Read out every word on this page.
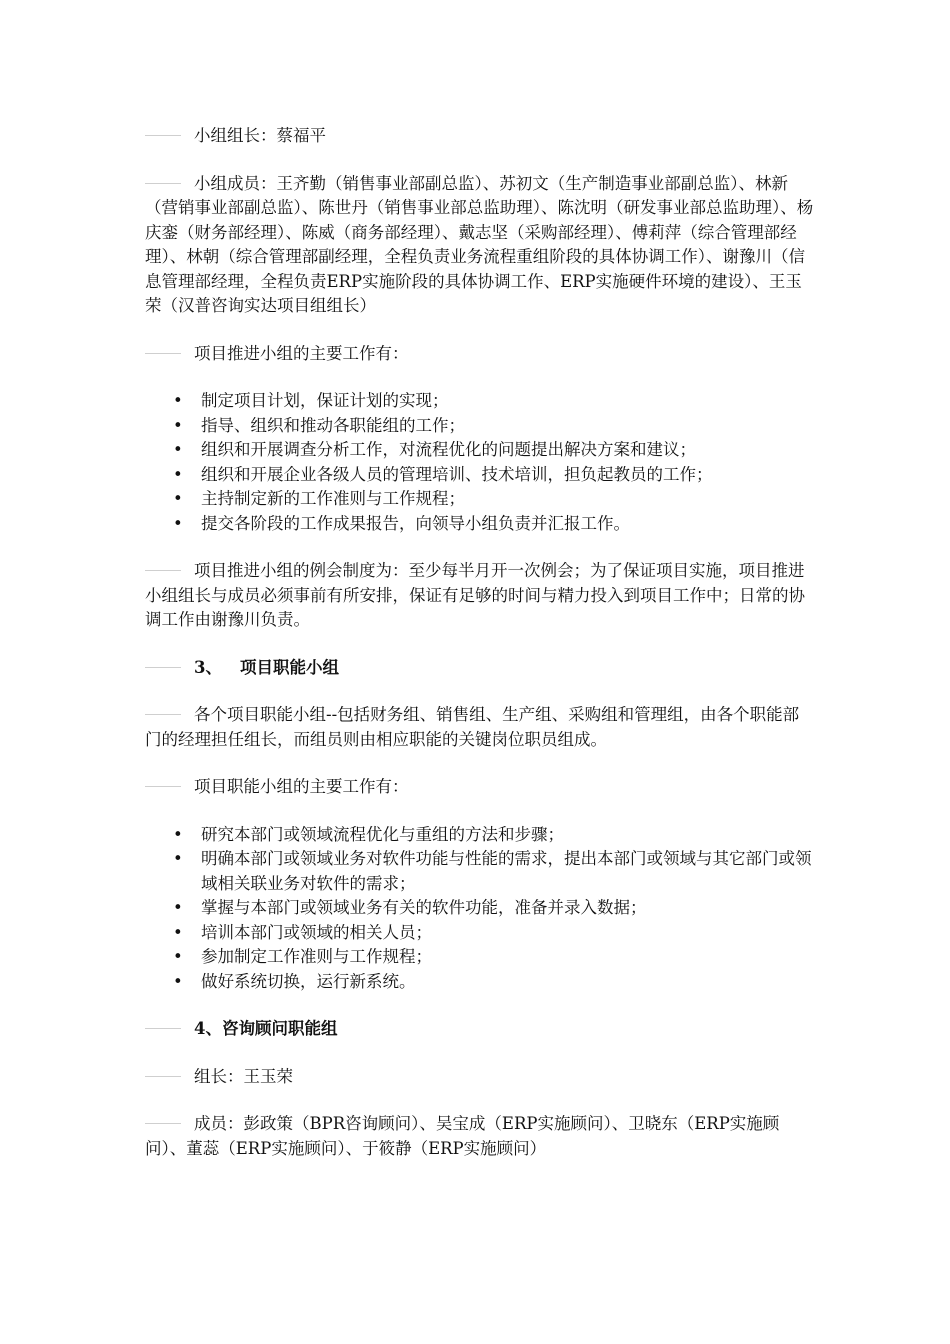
小组组长：蔡福平

小组成员：王齐勤（销售事业部副总监）、苏初文（生产制造事业部副总监）、林新（营销事业部副总监）、陈世丹（销售事业部总监助理）、陈沈明（研发事业部总监助理）、杨庆銮（财务部经理）、陈威（商务部经理）、戴志坚（采购部经理）、傅莉萍（综合管理部经理）、林朝（综合管理部副经理，全程负责业务流程重组阶段的具体协调工作）、谢豫川（信息管理部经理，全程负责ERP实施阶段的具体协调工作、ERP实施硬件环境的建设）、王玉荣（汉普咨询实达项目组组长）

项目推进小组的主要工作有：

• 制定项目计划，保证计划的实现；
• 指导、组织和推动各职能组的工作；
• 组织和开展调查分析工作，对流程优化的问题提出解决方案和建议；
• 组织和开展企业各级人员的管理培训、技术培训，担负起教员的工作；
• 主持制定新的工作准则与工作规程；
• 提交各阶段的工作成果报告，向领导小组负责并汇报工作。

项目推进小组的例会制度为：至少每半月开一次例会；为了保证项目实施，项目推进小组组长与成员必须事前有所安排，保证有足够的时间与精力投入到项目工作中；日常的协调工作由谢豫川负责。

3、 项目职能小组

各个项目职能小组--包括财务组、销售组、生产组、采购组和管理组，由各个职能部门的经理担任组长，而组员则由相应职能的关键岗位职员组成。

项目职能小组的主要工作有：

• 研究本部门或领域流程优化与重组的方法和步骤；
• 明确本部门或领域业务对软件功能与性能的需求，提出本部门或领域与其它部门或领域相关联业务对软件的需求；
• 掌握与本部门或领域业务有关的软件功能，准备并录入数据；
• 培训本部门或领域的相关人员；
• 参加制定工作准则与工作规程；
• 做好系统切换，运行新系统。

4、咨询顾问职能组

组长：王玉荣

成员：彭政策（BPR咨询顾问）、吴宝成（ERP实施顾问）、卫晓东（ERP实施顾问）、董蕊（ERP实施顾问）、于筱静（ERP实施顾问）
